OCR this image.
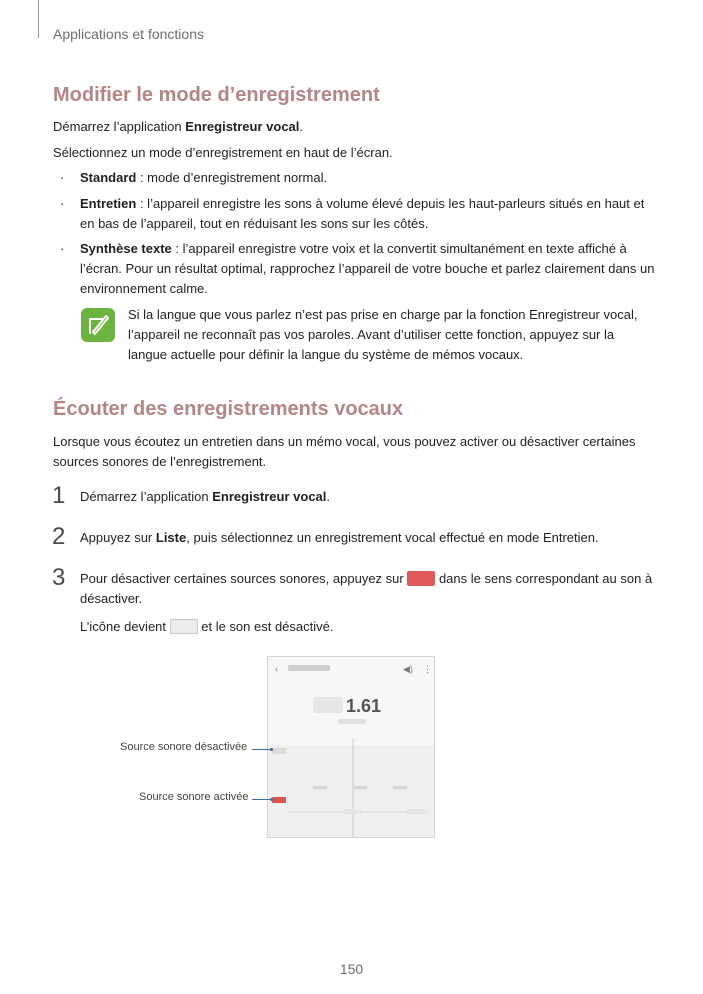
Applications et fonctions
Modifier le mode d’enregistrement
Démarrez l’application Enregistreur vocal.
Sélectionnez un mode d’enregistrement en haut de l’écran.
· Standard : mode d’enregistrement normal.
· Entretien : l’appareil enregistre les sons à volume élevé depuis les haut-parleurs situés en haut et en bas de l’appareil, tout en réduisant les sons sur les côtés.
· Synthèse texte : l’appareil enregistre votre voix et la convertit simultanément en texte affiché à l’écran. Pour un résultat optimal, rapprochez l’appareil de votre bouche et parlez clairement dans un environnement calme.
Si la langue que vous parlez n’est pas prise en charge par la fonction Enregistreur vocal, l’appareil ne reconnaît pas vos paroles. Avant d’utiliser cette fonction, appuyez sur la langue actuelle pour définir la langue du système de mémos vocaux.
Écouter des enregistrements vocaux
Lorsque vous écoutez un entretien dans un mémo vocal, vous pouvez activer ou désactiver certaines sources sonores de l’enregistrement.
1 Démarrez l’application Enregistreur vocal.
2 Appuyez sur Liste, puis sélectionnez un enregistrement vocal effectué en mode Entretien.
3 Pour désactiver certaines sources sonores, appuyez sur  dans le sens correspondant au son à désactiver.
L’icône devient  et le son est désactivé.
‹	◀) ⋮
1.61
Source sonore désactivée
Source sonore activée
150
